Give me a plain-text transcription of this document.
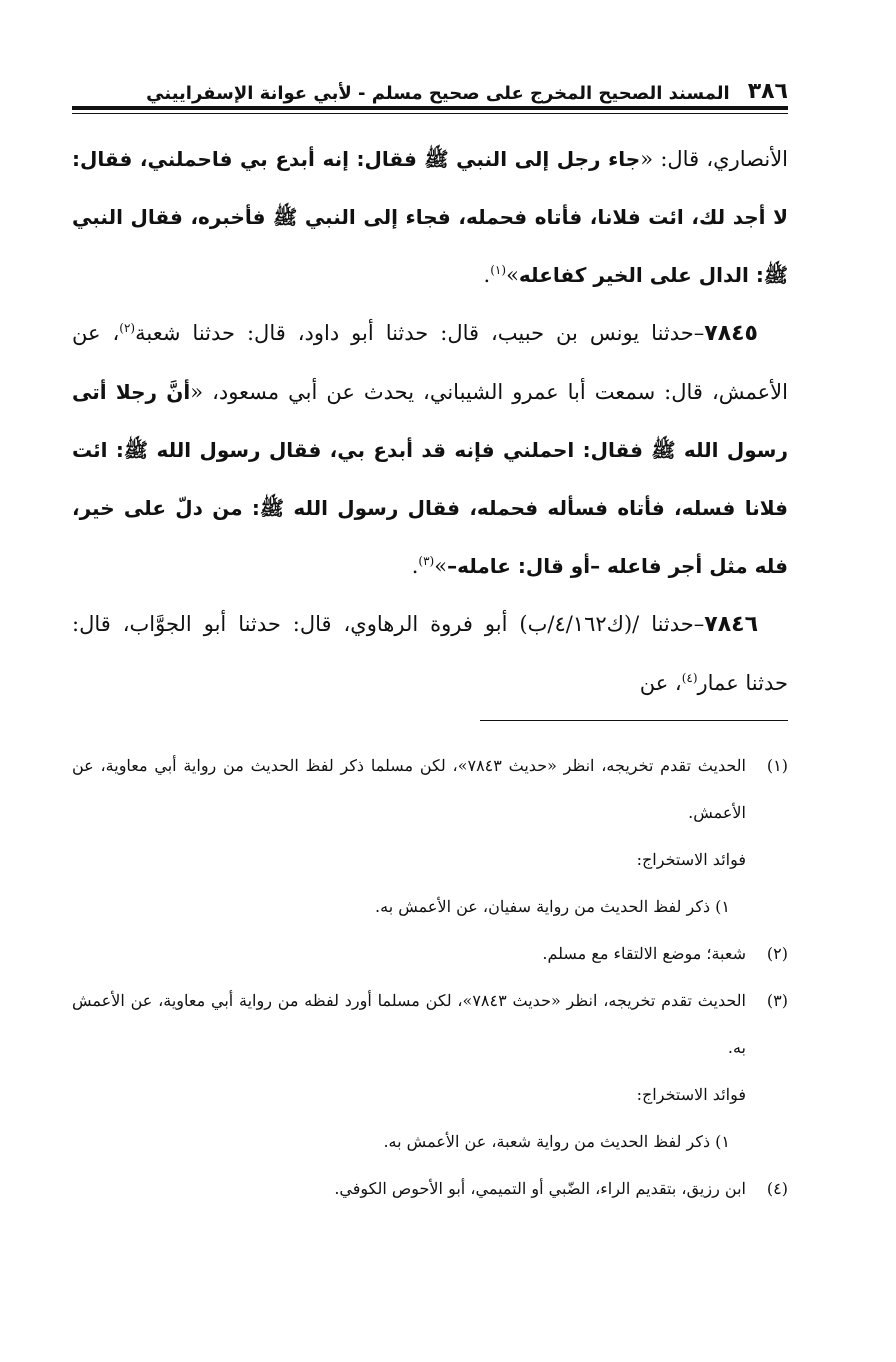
٣٨٦
المسند الصحيح المخرج على صحيح مسلم - لأبي عوانة الإسفراييني

الأنصاري، قال: «جاء رجل إلى النبي ﷺ فقال: إنه أبدع بي فاحملني، فقال: لا أجد لك، ائت فلانا، فأتاه فحمله، فجاء إلى النبي ﷺ فأخبره، فقال النبي ﷺ: الدال على الخير كفاعله»$^{(١)}$.

٧٨٤٥–حدثنا يونس بن حبيب، قال: حدثنا أبو داود، قال: حدثنا شعبة$^{(٢)}$، عن الأعمش، قال: سمعت أبا عمرو الشيباني، يحدث عن أبي مسعود، «أنَّ رجلا أتى رسول الله ﷺ فقال: احملني فإنه قد أبدع بي، فقال رسول الله ﷺ: ائت فلانا فسله، فأتاه فسأله فحمله، فقال رسول الله ﷺ: من دلّ على خير، فله مثل أجر فاعله –أو قال: عامله–»$^{(٣)}$.

٧٨٤٦–حدثنا /(ك٤/١٦٢/ب) أبو فروة الرهاوي، قال: حدثنا أبو الجوَّاب، قال: حدثنا عمار$^{(٤)}$، عن

(١)
الحديث تقدم تخريجه، انظر «حديث ٧٨٤٣»، لكن مسلما ذكر لفظ الحديث من رواية أبي معاوية، عن الأعمش.
فوائد الاستخراج:
١) ذكر لفظ الحديث من رواية سفيان، عن الأعمش به.
(٢)
شعبة؛ موضع الالتقاء مع مسلم.
(٣)
الحديث تقدم تخريجه، انظر «حديث ٧٨٤٣»، لكن مسلما أورد لفظه من رواية أبي معاوية، عن الأعمش به.
فوائد الاستخراج:
١) ذكر لفظ الحديث من رواية شعبة، عن الأعمش به.
(٤)
ابن رزيق، بتقديم الراء، الضّبي أو التميمي، أبو الأحوص الكوفي.
